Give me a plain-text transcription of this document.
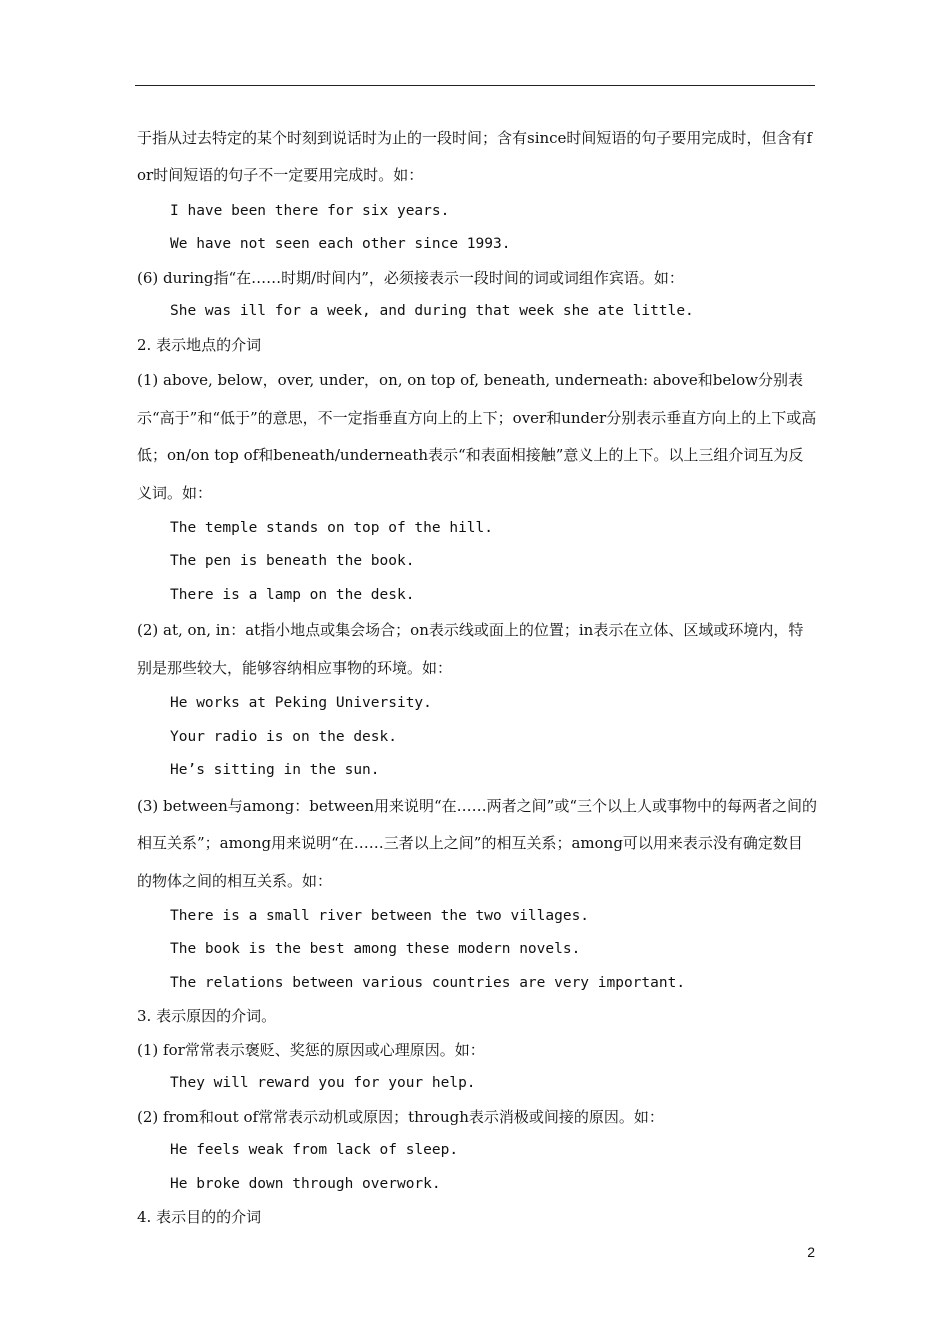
于指从过去特定的某个时刻到说话时为止的一段时间；含有since时间短语的句子要用完成时，但含有for时间短语的句子不一定要用完成时。如：
I have been there for six years.
We have not seen each other since 1993.
(6) during指“在……时期/时间内”，必须接表示一段时间的词或词组作宾语。如：
She was ill for a week, and during that week she ate little.
2. 表示地点的介词
(1) above, below，over, under，on, on top of, beneath, underneath: above和below分别表示“高于”和“低于”的意思，不一定指垂直方向上的上下；over和under分别表示垂直方向上的上下或高低；on/on top of和beneath/underneath表示“和表面相接触”意义上的上下。以上三组介词互为反义词。如：
The temple stands on top of the hill.
The pen is beneath the book.
There is a lamp on the desk.
(2) at, on, in：at指小地点或集会场合；on表示线或面上的位置；in表示在立体、区域或环境内，特别是那些较大，能够容纳相应事物的环境。如：
He works at Peking University.
Your radio is on the desk.
He’s sitting in the sun.
(3) between与among：between用来说明“在……两者之间”或“三个以上人或事物中的每两者之间的相互关系”；among用来说明“在……三者以上之间”的相互关系；among可以用来表示没有确定数目的物体之间的相互关系。如：
There is a small river between the two villages.
The book is the best among these modern novels.
The relations between various countries are very important.
3. 表示原因的介词。
(1) for常常表示褒贬、奖惩的原因或心理原因。如：
They will reward you for your help.
(2) from和out of常常表示动机或原因；through表示消极或间接的原因。如：
He feels weak from lack of sleep.
He broke down through overwork.
4. 表示目的的介词
2
